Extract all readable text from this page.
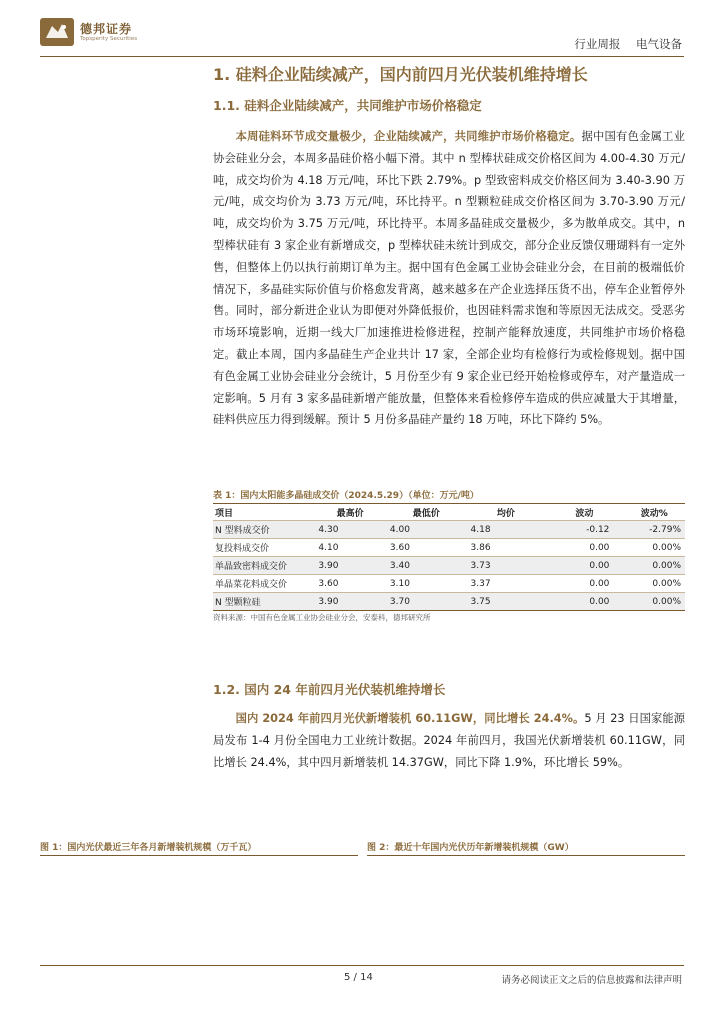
德邦证券
Topsperity Securities	行业周报 电气设备
1. 硅料企业陆续减产，国内前四月光伏装机维持增长
1.1. 硅料企业陆续减产，共同维护市场价格稳定

本周硅料环节成交量极少，企业陆续减产，共同维护市场价格稳定。据中国有色金属工业协会硅业分会，本周多晶硅价格小幅下滑。其中 n 型棒状硅成交价格区间为 4.00-4.30 万元/吨，成交均价为 4.18 万元/吨，环比下跌 2.79%。p 型致密料成交价格区间为 3.40-3.90 万元/吨，成交均价为 3.73 万元/吨，环比持平。n 型颗粒硅成交价格区间为 3.70-3.90 万元/吨，成交均价为 3.75 万元/吨，环比持平。本周多晶硅成交量极少，多为散单成交。其中，n 型棒状硅有 3 家企业有新增成交，p 型棒状硅未统计到成交，部分企业反馈仅珊瑚料有一定外售，但整体上仍以执行前期订单为主。据中国有色金属工业协会硅业分会，在目前的极端低价情况下，多晶硅实际价值与价格愈发背离，越来越多在产企业选择压货不出，停车企业暂停外售。同时，部分新进企业认为即便对外降低报价，也因硅料需求饱和等原因无法成交。受恶劣市场环境影响，近期一线大厂加速推进检修进程，控制产能释放速度，共同维护市场价格稳定。截止本周，国内多晶硅生产企业共计 17 家，全部企业均有检修行为或检修规划。据中国有色金属工业协会硅业分会统计，5 月份至少有 9 家企业已经开始检修或停车，对产量造成一定影响。5 月有 3 家多晶硅新增产能放量，但整体来看检修停车造成的供应减量大于其增量，硅料供应压力得到缓解。预计 5 月份多晶硅产量约 18 万吨，环比下降约 5%。

表 1：国内太阳能多晶硅成交价（2024.5.29）（单位：万元/吨）
项目	最高价	最低价	均价	波动	波动%
N 型料成交价	4.30	4.00	4.18	-0.12	-2.79%
复投料成交价	4.10	3.60	3.86	0.00	0.00%
单晶致密料成交价	3.90	3.40	3.73	0.00	0.00%
单晶菜花料成交价	3.60	3.10	3.37	0.00	0.00%
N 型颗粒硅	3.90	3.70	3.75	0.00	0.00%
资料来源：中国有色金属工业协会硅业分会，安泰科，德邦研究所
1.2. 国内 24 年前四月光伏装机维持增长

国内 2024 年前四月光伏新增装机 60.11GW，同比增长 24.4%。5 月 23 日国家能源局发布 1-4 月份全国电力工业统计数据。2024 年前四月，我国光伏新增装机 60.11GW，同比增长 24.4%，其中四月新增装机 14.37GW，同比下降 1.9%，环比增长 59%。

图 1：国内光伏最近三年各月新增装机规模（万千瓦）	图 2：最近十年国内光伏历年新增装机规模（GW）
5 / 14	请务必阅读正文之后的信息披露和法律声明
